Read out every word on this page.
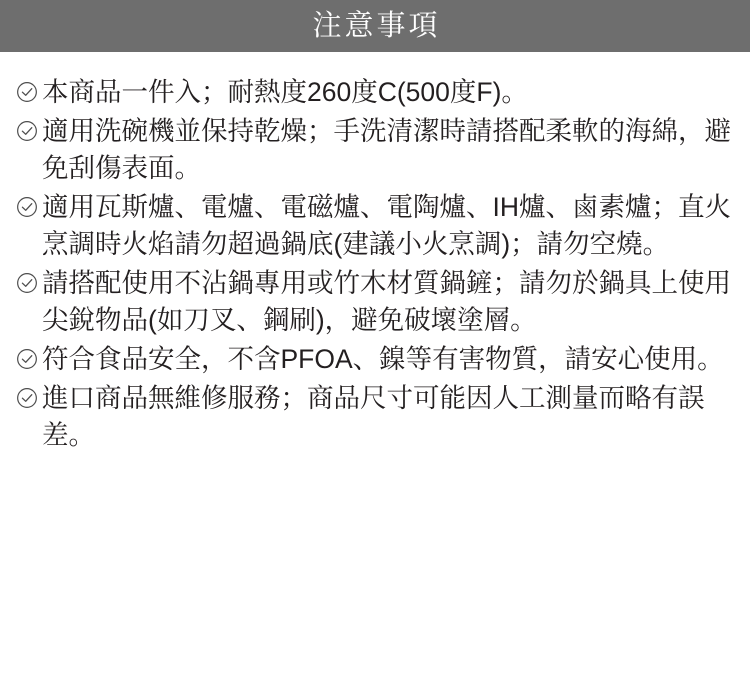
注意事項
本商品一件入；耐熱度260度C(500度F)。
適用洗碗機並保持乾燥；手洗清潔時請搭配柔軟的海綿，避免刮傷表面。
適用瓦斯爐、電爐、電磁爐、電陶爐、IH爐、鹵素爐；直火烹調時火焰請勿超過鍋底(建議小火烹調)；請勿空燒。
請搭配使用不沾鍋專用或竹木材質鍋鏟；請勿於鍋具上使用尖銳物品(如刀叉、鋼刷)，避免破壞塗層。
符合食品安全，不含PFOA、鎳等有害物質，請安心使用。
進口商品無維修服務；商品尺寸可能因人工測量而略有誤差。
